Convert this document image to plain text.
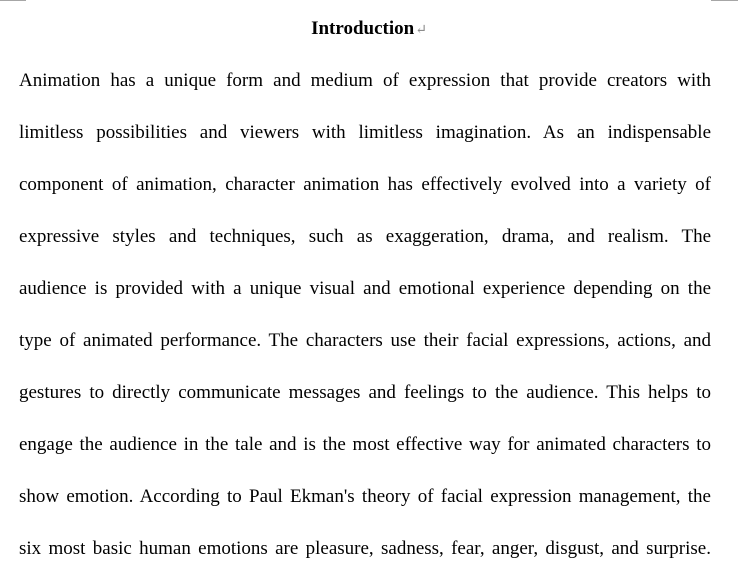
Introduction↵
Animation has a unique form and medium of expression that provide creators with
limitless possibilities and viewers with limitless imagination. As an indispensable
component of animation, character animation has effectively evolved into a variety of
expressive styles and techniques, such as exaggeration, drama, and realism. The
audience is provided with a unique visual and emotional experience depending on the
type of animated performance. The characters use their facial expressions, actions, and
gestures to directly communicate messages and feelings to the audience. This helps to
engage the audience in the tale and is the most effective way for animated characters to
show emotion. According to Paul Ekman's theory of facial expression management, the
six most basic human emotions are pleasure, sadness, fear, anger, disgust, and surprise.
